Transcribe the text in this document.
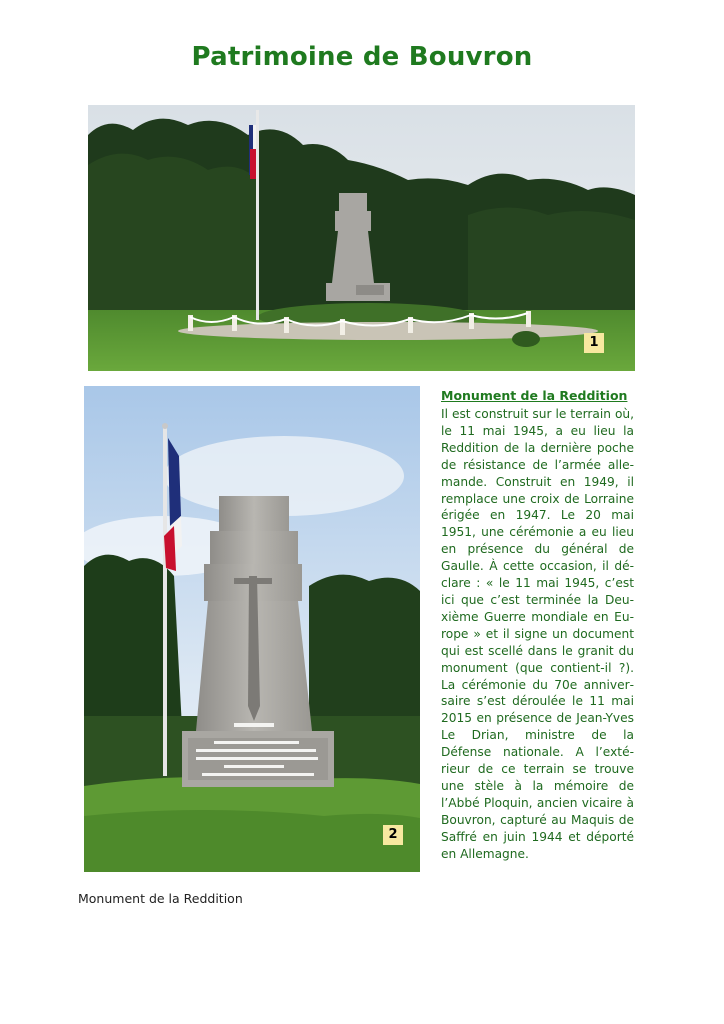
Patrimoine de Bouvron
1
2
Monument de la Reddition

Il est construit sur le terrain où, le 11 mai 1945, a eu lieu la Reddition de la dernière poche de résistance de l’armée allemande. Construit en 1949, il remplace une croix de Lorraine érigée en 1947. Le 20 mai 1951, une cérémonie a eu lieu en présence du général de Gaulle. À cette occasion, il déclare : « le 11 mai 1945, c’est ici que c’est terminée la Deuxième Guerre mondiale en Europe » et il signe un document qui est scellé dans le granit du monument (que contient-il ?). La cérémonie du 70e anniversaire s’est déroulée le 11 mai 2015 en présence de Jean-Yves Le Drian, ministre de la Défense nationale. A l’extérieur de ce terrain se trouve une stèle à la mémoire de l’Abbé Ploquin, ancien vicaire à Bouvron, capturé au Maquis de Saffré en juin 1944 et déporté en Allemagne.

Monument de la Reddition
